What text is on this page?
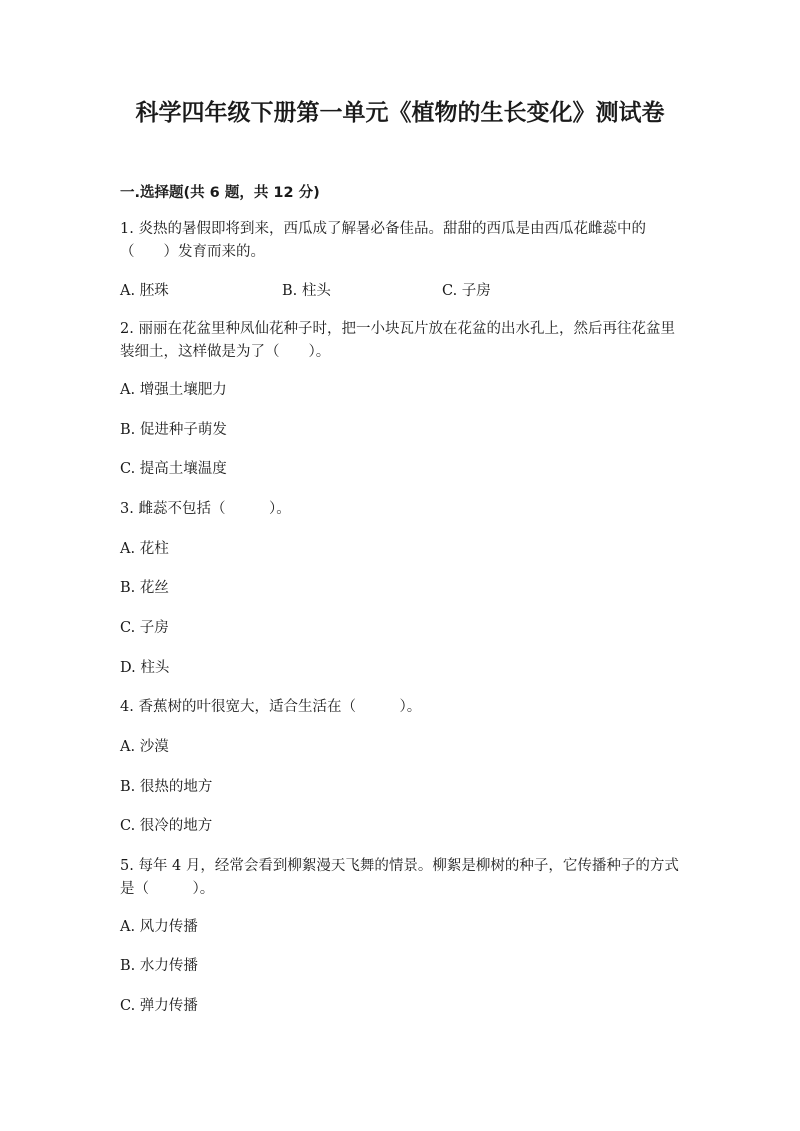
科学四年级下册第一单元《植物的生长变化》测试卷
一.选择题(共 6 题，共 12 分)
1. 炎热的暑假即将到来，西瓜成了解暑必备佳品。甜甜的西瓜是由西瓜花雌蕊中的（　　）发育而来的。
A. 胚珠	B. 柱头	C. 子房
2. 丽丽在花盆里种凤仙花种子时，把一小块瓦片放在花盆的出水孔上，然后再往花盆里装细土，这样做是为了（　　）。
A. 增强土壤肥力
B. 促进种子萌发
C. 提高土壤温度
3. 雌蕊不包括（　　　）。
A. 花柱
B. 花丝
C. 子房
D. 柱头
4. 香蕉树的叶很宽大，适合生活在（　　　）。
A. 沙漠
B. 很热的地方
C. 很冷的地方
5. 每年 4 月，经常会看到柳絮漫天飞舞的情景。柳絮是柳树的种子，它传播种子的方式是（　　　）。
A. 风力传播
B. 水力传播
C. 弹力传播
